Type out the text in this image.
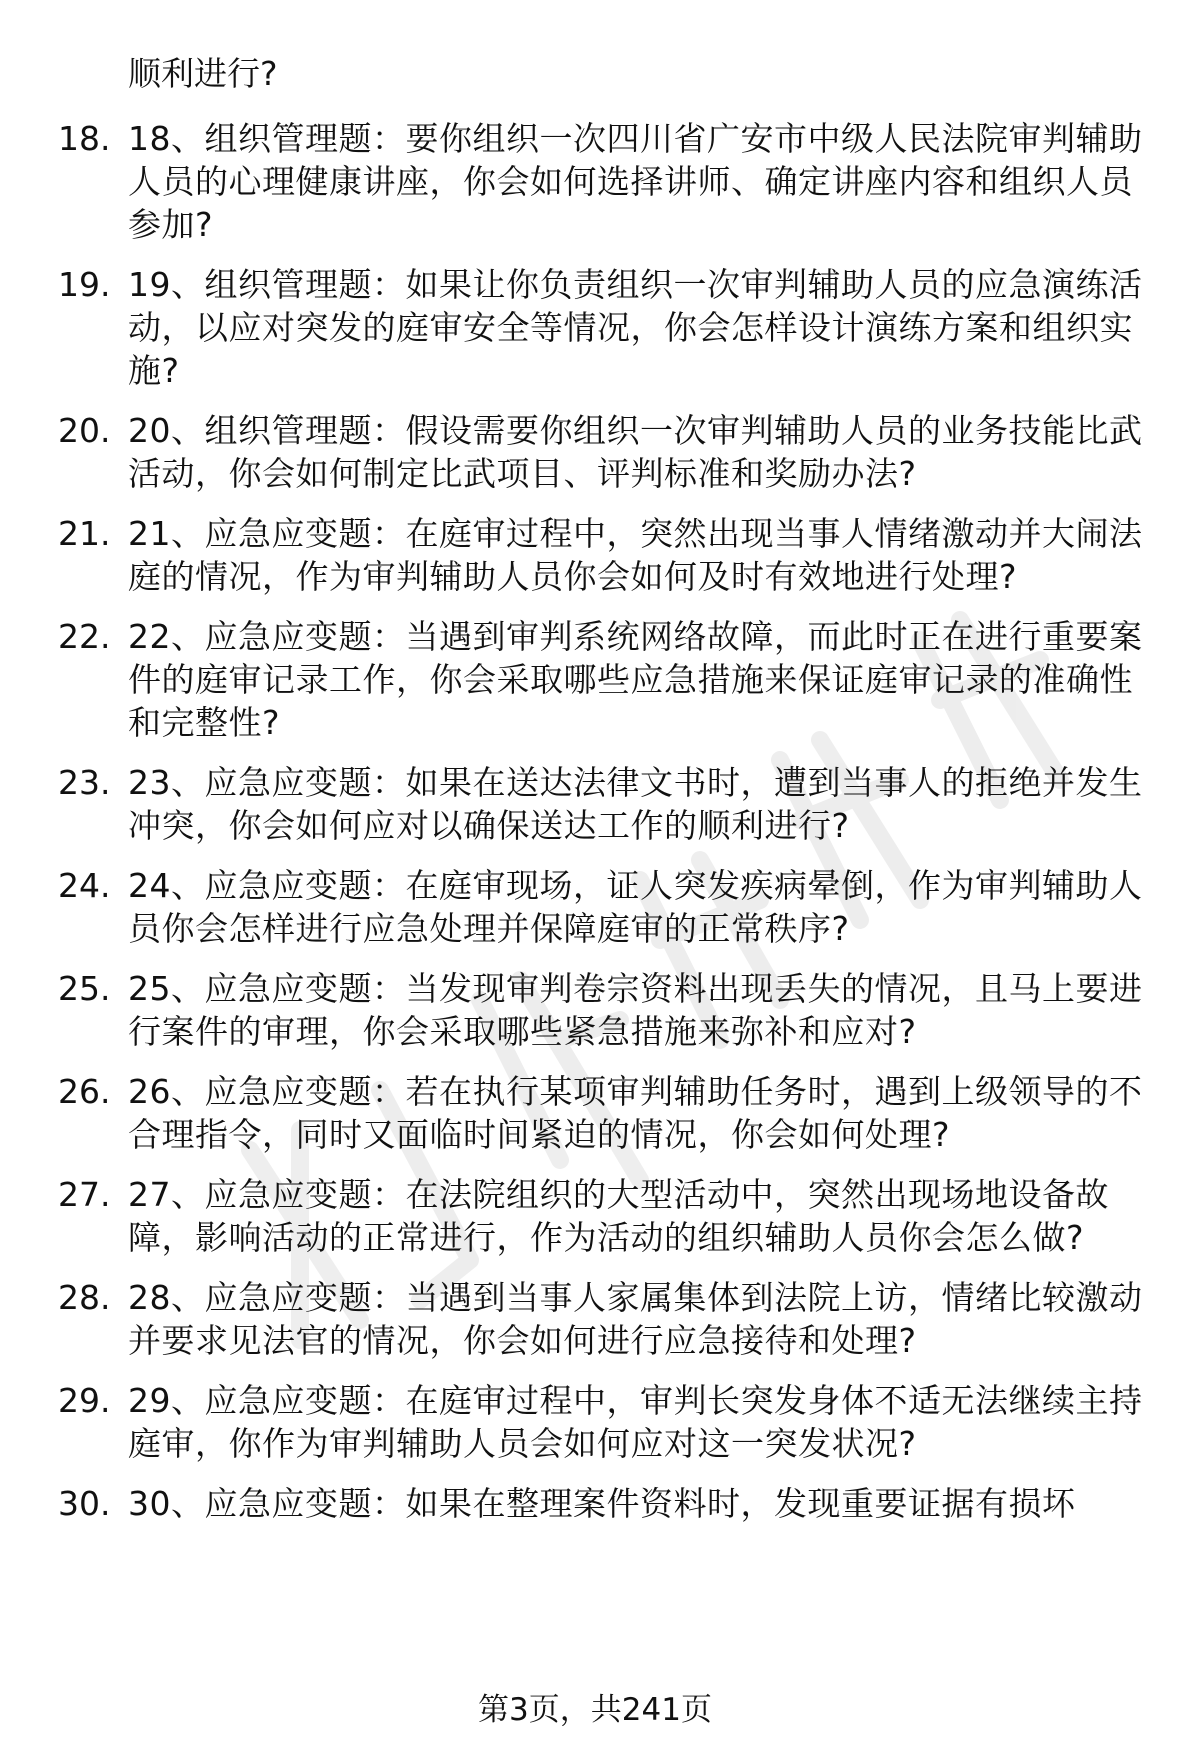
顺利进行?
18. 18、组织管理题：要你组织一次四川省广安市中级人民法院审判辅助人员的心理健康讲座，你会如何选择讲师、确定讲座内容和组织人员参加?
19. 19、组织管理题：如果让你负责组织一次审判辅助人员的应急演练活动，以应对突发的庭审安全等情况，你会怎样设计演练方案和组织实施?
20. 20、组织管理题：假设需要你组织一次审判辅助人员的业务技能比武活动，你会如何制定比武项目、评判标准和奖励办法?
21. 21、应急应变题：在庭审过程中，突然出现当事人情绪激动并大闹法庭的情况，作为审判辅助人员你会如何及时有效地进行处理?
22. 22、应急应变题：当遇到审判系统网络故障，而此时正在进行重要案件的庭审记录工作，你会采取哪些应急措施来保证庭审记录的准确性和完整性?
23. 23、应急应变题：如果在送达法律文书时，遭到当事人的拒绝并发生冲突，你会如何应对以确保送达工作的顺利进行?
24. 24、应急应变题：在庭审现场，证人突发疾病晕倒，作为审判辅助人员你会怎样进行应急处理并保障庭审的正常秩序?
25. 25、应急应变题：当发现审判卷宗资料出现丢失的情况，且马上要进行案件的审理，你会采取哪些紧急措施来弥补和应对?
26. 26、应急应变题：若在执行某项审判辅助任务时，遇到上级领导的不合理指令，同时又面临时间紧迫的情况，你会如何处理?
27. 27、应急应变题：在法院组织的大型活动中，突然出现场地设备故障，影响活动的正常进行，作为活动的组织辅助人员你会怎么做?
28. 28、应急应变题：当遇到当事人家属集体到法院上访，情绪比较激动并要求见法官的情况，你会如何进行应急接待和处理?
29. 29、应急应变题：在庭审过程中，审判长突发身体不适无法继续主持庭审，你作为审判辅助人员会如何应对这一突发状况?
30. 30、应急应变题：如果在整理案件资料时，发现重要证据有损坏
第3页，共241页
